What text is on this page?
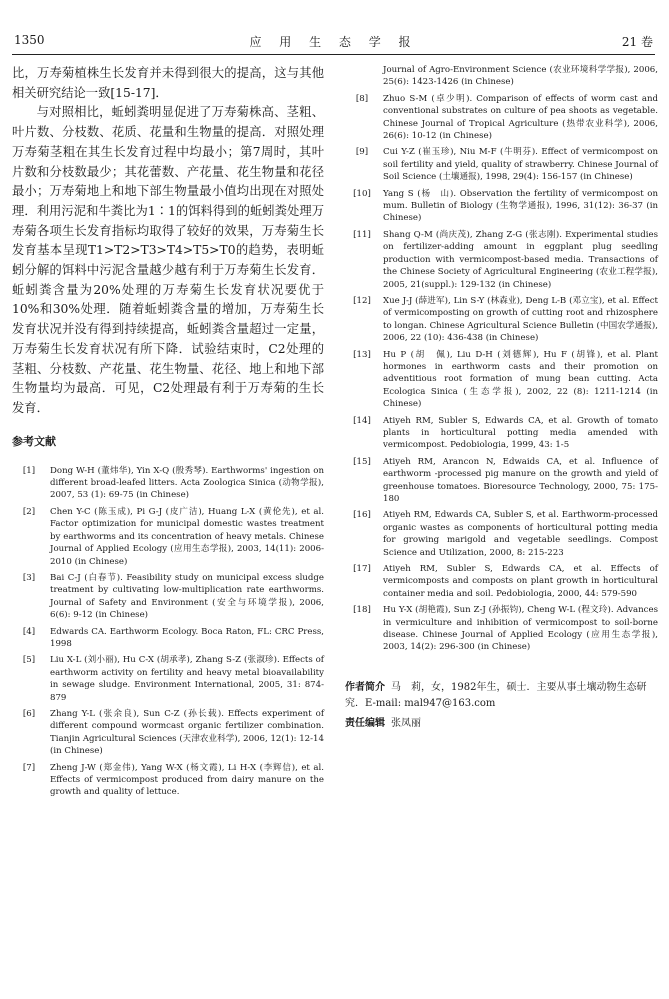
1350	应 用 生 态 学 报	21 卷

比，万寿菊植株生长发育并未得到很大的提高，这与其他相关研究结论一致[15-17]．

与对照相比，蚯蚓粪明显促进了万寿菊株高、茎粗、叶片数、分枝数、花质、花量和生物量的提高．对照处理万寿菊茎粗在其生长发育过程中均最小；第7周时，其叶片数和分枝数最少；其花蕾数、产花量、花生物量和花径最小；万寿菊地上和地下部生物量最小值均出现在对照处理．利用污泥和牛粪比为1∶1的饵料得到的蚯蚓粪处理万寿菊各项生长发育指标均取得了较好的效果，万寿菊生长发育基本呈现T1>T2>T3>T4>T5>T0的趋势，表明蚯蚓分解的饵料中污泥含量越少越有利于万寿菊生长发育．蚯蚓粪含量为20%处理的万寿菊生长发育状况要优于10%和30%处理．随着蚯蚓粪含量的增加，万寿菊生长发育状况并没有得到持续提高，蚯蚓粪含量超过一定量，万寿菊生长发育状况有所下降．试验结束时，C2处理的茎粗、分枝数、产花量、花生物量、花径、地上和地下部生物量均为最高．可见，C2处理最有利于万寿菊的生长发育．

参考文献
[1]	Dong W-H (董炜华), Yin X-Q (殷秀琴). Earthworms' ingestion on different broad-leafed litters. Acta Zoologica Sinica (动物学报), 2007, 53 (1): 69-75 (in Chinese)
[2]	Chen Y-C (陈玉成), Pi G-J (皮广洁), Huang L-X (黄伦先), et al. Factor optimization for municipal domestic wastes treatment by earthworms and its concentration of heavy metals. Chinese Journal of Applied Ecology (应用生态学报), 2003, 14(11): 2006-2010 (in Chinese)
[3]	Bai C-J (白春节). Feasibility study on municipal excess sludge treatment by cultivating low-multiplication rate earthworms. Journal of Safety and Environment (安全与环境学报), 2006, 6(6): 9-12 (in Chinese)
[4]	Edwards CA. Earthworm Ecology. Boca Raton, FL: CRC Press, 1998
[5]	Liu X-L (刘小丽), Hu C-X (胡承孝), Zhang S-Z (张淑珍). Effects of earthworm activity on fertility and heavy metal bioavailability in sewage sludge. Environment International, 2005, 31: 874-879
[6]	Zhang Y-L (张余良), Sun C-Z (孙长载). Effects experiment of different compound wormcast organic fertilizer combination. Tianjin Agricultural Sciences (天津农业科学), 2006, 12(1): 12-14 (in Chinese)
[7]	Zheng J-W (郑金伟), Yang W-X (杨文霞), Li H-X (李辉信), et al. Effects of vermicompost produced from dairy manure on the growth and quality of lettuce.
Journal of Agro-Environment Science (农业环境科学学报), 2006, 25(6): 1423-1426 (in Chinese)
[8]	Zhuo S-M (卓少明). Comparison of effects of worm cast and conventional substrates on culture of pea shoots as vegetable. Chinese Journal of Tropical Agriculture (热带农业科学), 2006, 26(6): 10-12 (in Chinese)
[9]	Cui Y-Z (崔玉珍), Niu M-F (牛明芬). Effect of vermicompost on soil fertility and yield, quality of strawberry. Chinese Journal of Soil Science (土壤通报), 1998, 29(4): 156-157 (in Chinese)
[10]	Yang S (杨　山). Observation the fertility of vermicompost on mum. Bulletin of Biology (生物学通报), 1996, 31(12): 36-37 (in Chinese)
[11]	Shang Q-M (尚庆茂), Zhang Z-G (张志刚). Experimental studies on fertilizer-adding amount in eggplant plug seedling production with vermicompost-based media. Transactions of the Chinese Society of Agricultural Engineering (农业工程学报), 2005, 21(suppl.): 129-132 (in Chinese)
[12]	Xue J-J (薛进军), Lin S-Y (林森业), Deng L-B (邓立宝), et al. Effect of vermicomposting on growth of cutting root and rhizosphere to longan. Chinese Agricultural Science Bulletin (中国农学通报), 2006, 22 (10): 436-438 (in Chinese)
[13]	Hu P (胡　佩), Liu D-H (刘德辉), Hu F (胡锋), et al. Plant hormones in earthworm casts and their promotion on adventitious root formation of mung bean cutting. Acta Ecologica Sinica (生态学报), 2002, 22 (8): 1211-1214 (in Chinese)
[14]	Atiyeh RM, Subler S, Edwards CA, et al. Growth of tomato plants in horticultural potting media amended with vermicompost. Pedobiologia, 1999, 43: 1-5
[15]	Atiyeh RM, Arancon N, Edwaids CA, et al. Influence of earthworm -processed pig manure on the growth and yield of greenhouse tomatoes. Bioresource Technology, 2000, 75: 175-180
[16]	Atiyeh RM, Edwards CA, Subler S, et al. Earthworm-processed organic wastes as components of horticultural potting media for growing marigold and vegetable seedlings. Compost Science and Utilization, 2000, 8: 215-223
[17]	Atiyeh RM, Subler S, Edwards CA, et al. Effects of vermicomposts and composts on plant growth in horticultural container media and soil. Pedobiologia, 2000, 44: 579-590
[18]	Hu Y-X (胡艳霞), Sun Z-J (孙振钧), Cheng W-L (程文玲). Advances in vermiculture and inhibition of vermicompost to soil-borne disease. Chinese Journal of Applied Ecology (应用生态学报), 2003, 14(2): 296-300 (in Chinese)
作者简介 马　莉，女，1982年生，硕士．主要从事土壤动物生态研究．E-mail: mal947@163.com
责任编辑 张凤丽
